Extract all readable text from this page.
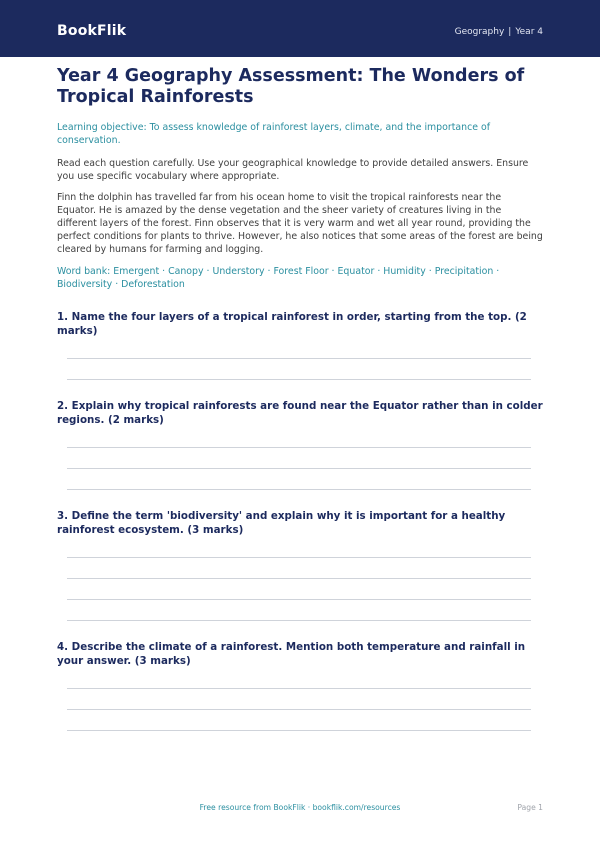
BookFlik	Geography | Year 4
Year 4 Geography Assessment: The Wonders of Tropical Rainforests
Learning objective: To assess knowledge of rainforest layers, climate, and the importance of conservation.
Read each question carefully. Use your geographical knowledge to provide detailed answers. Ensure you use specific vocabulary where appropriate.
Finn the dolphin has travelled far from his ocean home to visit the tropical rainforests near the Equator. He is amazed by the dense vegetation and the sheer variety of creatures living in the different layers of the forest. Finn observes that it is very warm and wet all year round, providing the perfect conditions for plants to thrive. However, he also notices that some areas of the forest are being cleared by humans for farming and logging.
Word bank: Emergent · Canopy · Understory · Forest Floor · Equator · Humidity · Precipitation · Biodiversity · Deforestation
1. Name the four layers of a tropical rainforest in order, starting from the top. (2 marks)
2. Explain why tropical rainforests are found near the Equator rather than in colder regions. (2 marks)
3. Define the term 'biodiversity' and explain why it is important for a healthy rainforest ecosystem. (3 marks)
4. Describe the climate of a rainforest. Mention both temperature and rainfall in your answer. (3 marks)
Free resource from BookFlik · bookflik.com/resources	Page 1
